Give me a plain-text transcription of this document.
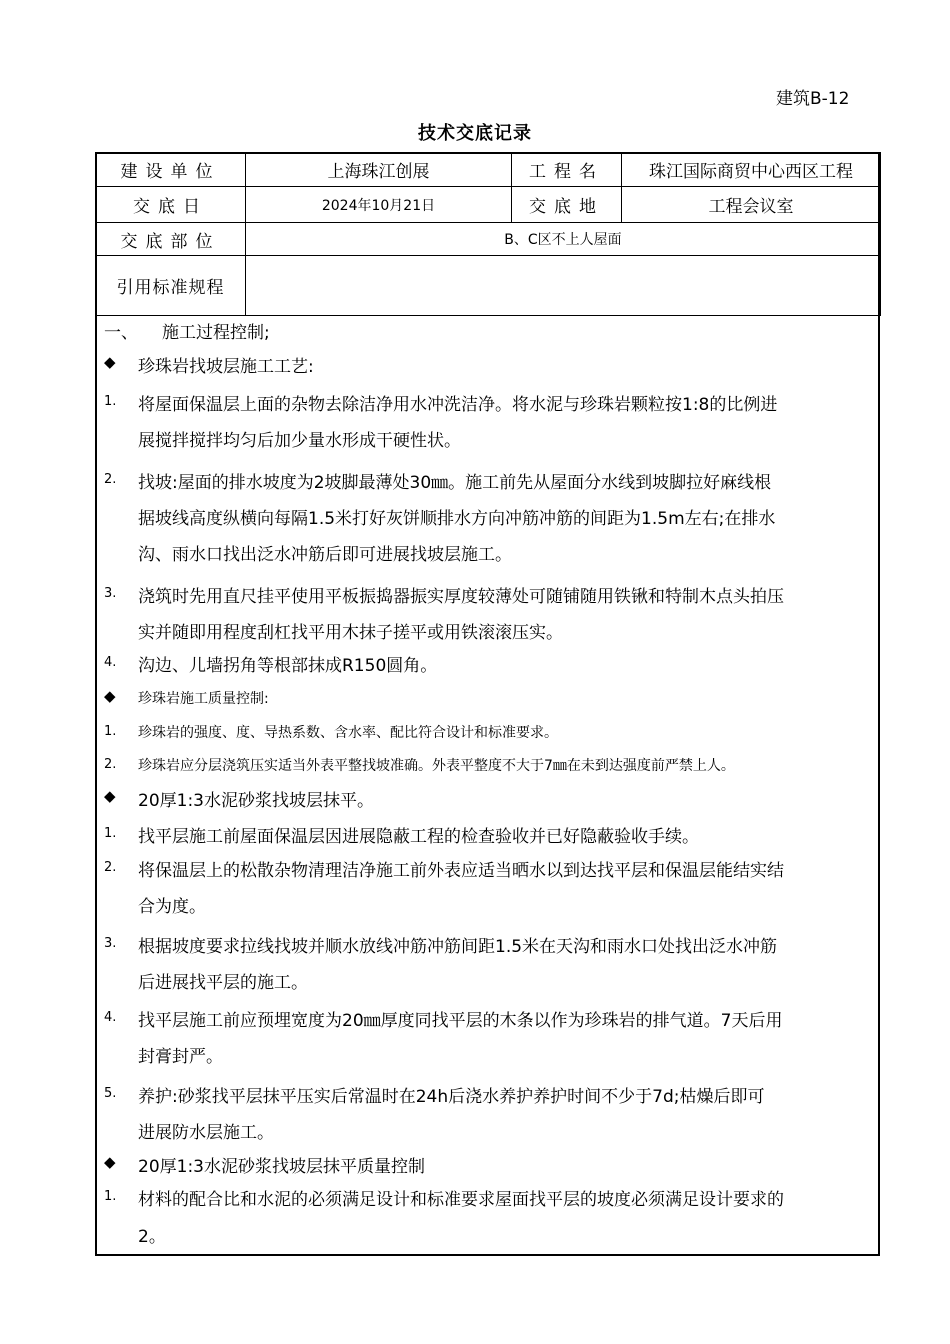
建筑B-12
技术交底记录
建设单位	上海珠江创展	工程名	珠江国际商贸中心西区工程
交底日	2024年10月21日	交底地	工程会议室
交底部位	B、C区不上人屋面		
引用标准规程			
一、 施工过程控制;
◆ 珍珠岩找坡层施工工艺:
1. 将屋面保温层上面的杂物去除洁净用水冲洗洁净。将水泥与珍珠岩颗粒按1:8的比例进
展搅拌搅拌均匀后加少量水形成干硬性状。
2. 找坡:屋面的排水坡度为2坡脚最薄处30㎜。施工前先从屋面分水线到坡脚拉好麻线根
据坡线高度纵横向每隔1.5米打好灰饼顺排水方向冲筋冲筋的间距为1.5m左右;在排水
沟、雨水口找出泛水冲筋后即可进展找坡层施工。
3. 浇筑时先用直尺挂平使用平板振捣器振实厚度较薄处可随铺随用铁锹和特制木点头拍压
实并随即用程度刮杠找平用木抹子搓平或用铁滚滚压实。
4. 沟边、儿墙拐角等根部抹成R150圆角。
◆ 珍珠岩施工质量控制:
1. 珍珠岩的强度、度、导热系数、含水率、配比符合设计和标准要求。
2. 珍珠岩应分层浇筑压实适当外表平整找坡准确。外表平整度不大于7㎜在未到达强度前严禁上人。
◆ 20厚1:3水泥砂浆找坡层抹平。
1. 找平层施工前屋面保温层因进展隐蔽工程的检查验收并已好隐蔽验收手续。
2. 将保温层上的松散杂物清理洁净施工前外表应适当晒水以到达找平层和保温层能结实结
合为度。
3. 根据坡度要求拉线找坡并顺水放线冲筋冲筋间距1.5米在天沟和雨水口处找出泛水冲筋
后进展找平层的施工。
4. 找平层施工前应预埋宽度为20㎜厚度同找平层的木条以作为珍珠岩的排气道。7天后用
封膏封严。
5. 养护:砂浆找平层抹平压实后常温时在24h后浇水养护养护时间不少于7d;枯燥后即可
进展防水层施工。
◆ 20厚1:3水泥砂浆找坡层抹平质量控制
1. 材料的配合比和水泥的必须满足设计和标准要求屋面找平层的坡度必须满足设计要求的
2。
